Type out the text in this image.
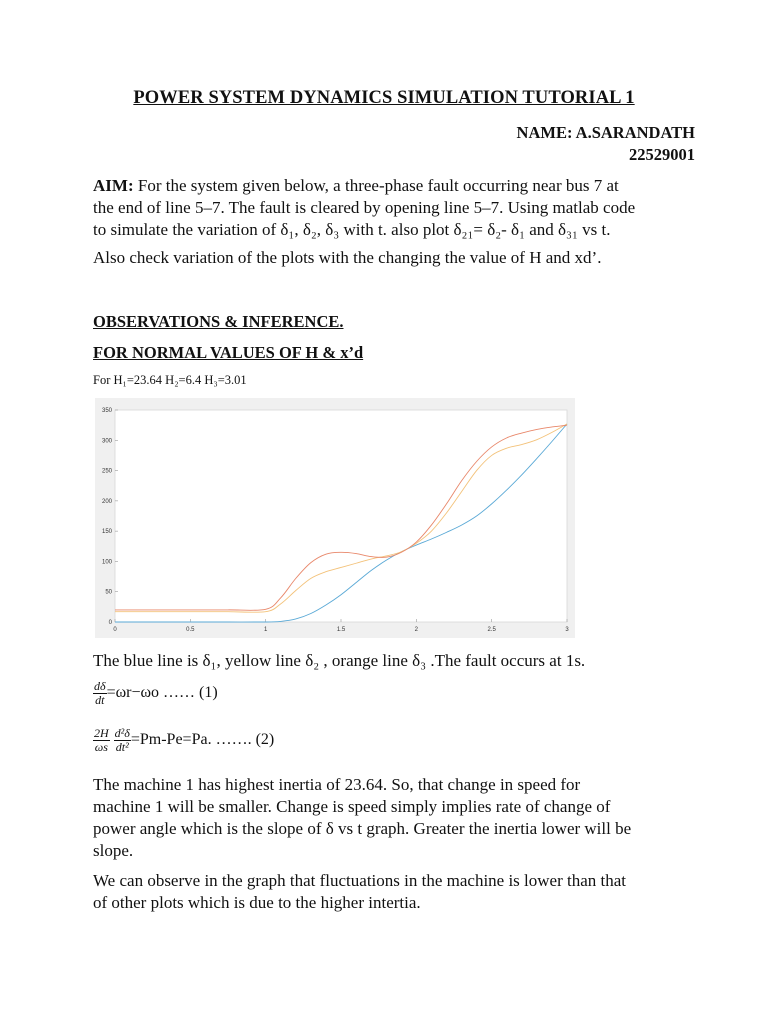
POWER SYSTEM DYNAMICS SIMULATION TUTORIAL 1
NAME: A.SARANDATH
22529001
AIM: For the system given below, a three-phase fault occurring near bus 7 at
the end of line 5–7. The fault is cleared by opening line 5–7. Using matlab code
to simulate the variation of δ₁, δ₂, δ₃ with t. also plot δ₂₁= δ₂- δ₁ and δ₃₁ vs t.
Also check variation of the plots with the changing the value of H and xd’.
OBSERVATIONS & INFERENCE.
FOR NORMAL VALUES OF H & x’d
For H₁=23.64 H₂=6.4 H₃=3.01
0	0.5	1	1.5	2	2.5	3
0
50
100
150
200
250
300
350
The blue line is δ₁, yellow line δ₂ , orange line δ₃ .The fault occurs at 1s.
$\frac{d\delta}{dt} =\omega r-\omega o$ …… (1)
$\frac{2H}{\omega s}$
$\frac{\text{d²δ}}{\text{dt²}} =Pm-Pe=Pa$. ……. (2)
The machine 1 has highest inertia of 23.64. So, that change in speed for
machine 1 will be smaller. Change is speed simply implies rate of change of
power angle which is the slope of δ vs t graph. Greater the inertia lower will be
slope.
We can observe in the graph that fluctuations in the machine is lower than that
of other plots which is due to the higher intertia.
